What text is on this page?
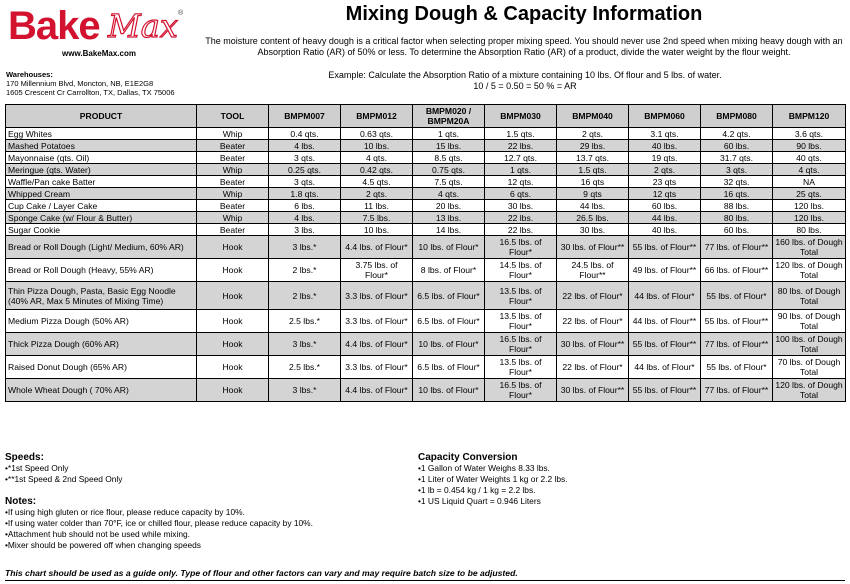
Bake Max ®
www.BakeMax.com
Mixing Dough & Capacity Information
The moisture content of heavy dough is a critical factor when selecting proper mixing speed. You should never use 2nd speed when mixing heavy dough with an Absorption Ratio (AR) of 50% or less. To determine the Absorption Ratio (AR) of a product, divide the water weight by the flour weight.
Warehouses:
170 Millennium Blvd, Moncton, NB, E1E2G8
1605 Crescent Cr Carrollton, TX, Dallas, TX 75006
Example: Calculate the Absorption Ratio of a mixture containing 10 lbs. Of flour and 5 lbs. of water.
10 / 5 = 0.50 = 50 % = AR
PRODUCT	TOOL	BMPM007	BMPM012	BMPM020 / BMPM20A	BMPM030	BMPM040	BMPM060	BMPM080	BMPM120
Egg Whites	Whip	0.4 qts.	0.63 qts.	1 qts.	1.5 qts.	2 qts.	3.1 qts.	4.2 qts.	3.6 qts.
Mashed Potatoes	Beater	4 lbs.	10 lbs.	15 lbs.	22 lbs.	29 lbs.	40 lbs.	60 lbs.	90 lbs.
Mayonnaise (qts. Oil)	Beater	3 qts.	4 qts.	8.5 qts.	12.7 qts.	13.7 qts.	19 qts.	31.7 qts.	40 qts.
Meringue (qts. Water)	Whip	0.25 qts.	0.42 qts.	0.75 qts.	1 qts.	1.5 qts.	2 qts.	3 qts.	4 qts.
Waffle/Pan cake Batter	Beater	3 qts.	4.5 qts.	7.5 qts.	12 qts.	16 qts	23 qts	32 qts.	NA
Whipped Cream	Whip	1.8 qts.	2 qts.	4 qts.	6 qts.	9 qts	12 qts	16 qts.	25 qts.
Cup Cake / Layer Cake	Beater	6 lbs.	11 lbs.	20 lbs.	30 lbs.	44 lbs.	60 lbs.	88 lbs.	120 lbs.
Sponge Cake (w/ Flour & Butter)	Whip	4 lbs.	7.5 lbs.	13 lbs.	22 lbs.	26.5 lbs.	44 lbs.	80 lbs.	120 lbs.
Sugar Cookie	Beater	3 lbs.	10 lbs.	14 lbs.	22 lbs.	30 lbs.	40 lbs.	60 lbs.	80 lbs.
Bread or Roll Dough (Light/ Medium, 60% AR)	Hook	3 lbs.*	4.4 lbs. of Flour*	10 lbs. of Flour*	16.5 lbs. of Flour*	30 lbs. of Flour**	55 lbs. of Flour**	77 lbs. of Flour**	160 lbs. of Dough Total
Bread or Roll Dough (Heavy, 55% AR)	Hook	2 lbs.*	3.75 lbs. of Flour*	8 lbs. of Flour*	14.5 lbs. of Flour*	24.5 lbs. of Flour**	49 lbs. of Flour**	66 lbs. of Flour**	120 lbs. of Dough Total
Thin Pizza Dough, Pasta, Basic Egg Noodle (40% AR, Max 5 Minutes of Mixing Time)	Hook	2 lbs.*	3.3 lbs. of Flour*	6.5 lbs. of Flour*	13.5 lbs. of Flour*	22 lbs. of Flour*	44 lbs. of Flour*	55 lbs. of Flour*	80 lbs. of Dough Total
Medium Pizza Dough (50% AR)	Hook	2.5 lbs.*	3.3 lbs. of Flour*	6.5 lbs. of Flour*	13.5 lbs. of Flour*	22 lbs. of Flour*	44 lbs. of Flour**	55 lbs. of Flour**	90 lbs. of Dough Total
Thick Pizza Dough (60% AR)	Hook	3 lbs.*	4.4 lbs. of Flour*	10 lbs. of Flour*	16.5 lbs. of Flour*	30 lbs. of Flour**	55 lbs. of Flour**	77 lbs. of Flour**	100 lbs. of Dough Total
Raised Donut Dough (65% AR)	Hook	2.5 lbs.*	3.3 lbs. of Flour*	6.5 lbs. of Flour*	13.5 lbs. of Flour*	22 lbs. of Flour*	44 lbs. of Flour*	55 lbs. of Flour*	70 lbs. of Dough Total
Whole Wheat Dough ( 70% AR)	Hook	3 lbs.*	4.4 lbs. of Flour*	10 lbs. of Flour*	16.5 lbs. of Flour*	30 lbs. of Flour**	55 lbs. of Flour**	77 lbs. of Flour**	120 lbs. of Dough Total
Speeds:
•*1st Speed Only
•**1st Speed & 2nd Speed Only
Notes:
•If using high gluten or rice flour, please reduce capacity by 10%.
•If using water colder than 70°F, ice or chilled flour, please reduce capacity by 10%.
•Attachment hub should not be used while mixing.
•Mixer should be powered off when changing speeds
Capacity Conversion
•1 Gallon of Water Weighs 8.33 lbs.
•1 Liter of Water Weights 1 kg or 2.2 lbs.
•1 lb = 0.454 kg / 1 kg = 2.2 lbs.
•1 US Liquid Quart = 0.946 Liters
This chart should be used as a guide only. Type of flour and other factors can vary and may require batch size to be adjusted.
